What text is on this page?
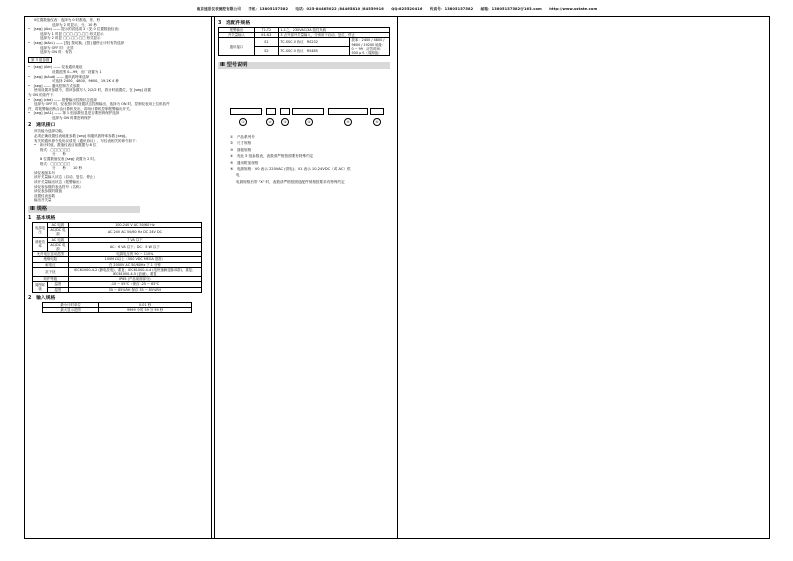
南京速思仪表测控有限公司 手机：13805157582 电话：025-84465022 /84465810 /84559916 QQ:825520416 传真号：13805157582 邮箱：13805157582@163.com http://www.sstate.com
0位置数值仪表：选择为 0 时都选，你，秒
选择为 2 时显示，分，10 秒
•　[seg] (Alo) —— 提示的试选项 2（见 0 位置数值仪表）
选择为 1 时显 □□□.□□.□□ 形式显示
选择为 2 时显 □□-□□-□□ 形式显示
•　[seg] (bAcL) —— [按] 按切换，[按] 键停止计时有效选择
选择为 OFF 时：无效
选择为 ON 时：有效
第 3 组参数
•　[seg] (Adr) —— 仪表通讯地址
设置范围 0—99，出厂设置为 1
•　[seg] (bAud) —— 通讯波特率选择
可选择 2400、4800、9600、19.2K 4 种
•　[seg] —— 通讯控制方式参数
使用设置对参数令，将该参数写入 2/2/2 时，将计时值置位，在 [seg] 设置
为 ON 的条件下：
•　[seg] (cbd) —— 报警输出控制状态选择
选择为 OFF 时，仪表按计时设置状态控制输出，选择为 ON 时，控制仪表用上位机软件
件，将报警输出断合由计算机发出，即用计算机控制报警输出开关。
•　[seg] (oA1) —— 第 1 组参数信息是否要密码保护选择
选择为 ON 时要密码保护
2　通讯接口
该功能为选择功能。
必须正确设置仪表地址参数 [seg] 和通讯波特率参数 [seg]。
有关的通讯命令及协议请见《通讯协议》，写仪表相关的命令如下：
•　读计时值，数值仪表目前数据为 8 位
格式：□□□□□□
分　　秒
8 位置数值仪表 [seg] 设置为 2 时。
格式：□□□□□□
分　　秒　　10 秒
读仪表版本号
读开关量输入状态（启动、复位、停止）
读开关量输出状态（报警输出）
读仪表参数的表达符号（名称）
读仪表参数的数值
设置仪表参数
输出开关量
Ⅲ 规格
1　基本规格
电源电压	AC 电源	100-240 V AC 50/60 Hz
	AC/DC 电源	AC 24V AC 50/60 Hz DC 24V DC
消耗功率	AC 电源	7 VA 以下
	AC/DC 电源	AC：6 VA 以下；DC：5 W 以下
允许电压变动范围		电源电压的 90 ~ 110%
绝缘电阻		100M Ω以上（500 VDC MEGA 基准）
耐电压		在 2000V AC 50/60Hz 下 1 分钟
抗干扰		IEC61000-4-2 (静电放电)，重复；IEC61000-4-4 (电快速瞬变脉冲群)，重复；IEC61000-4-5 (浪涌)，重复
防护等级		IP65 (产品前面部分)
周围环境	温度	-10 ~ 55℃（保存 -25 ~ 65℃
	湿度	35 ~ 85%RH 保存 35 ~ 85%RH
2　输入规格
最小计时单位	0.01 秒
最大显示范围	9999 小时 59 分 59 秒
3　选配件规格
报警输出	T1-T2	1-1之，230VAC/3A 阻性负载	
开关量输入	K1-K3	3 点外部开关量输入，分别用于启动、复位、停止	
通讯接口	S1	TC-SSC II 协议　RS232	波率：2400 / 4800 / 9600 / 19200 地址：0 ~ 99　应答时间：500 μ S（周期值）
	S2	TC-SSC II 协议　RS485	
Ⅲ 型号说明
–
①	②	③	④	⑤	⑥
①　产品系列号
②　尺寸规格
③　面板规格
④　有此 5 组参数表，表数请严格按照要有特殊约定
⑤　通讯附加规格
⑥　电源规格：V0 表示 220VAC (供电)；V1 表示 10-24VDC（或 AC）供
电
电源规格后带 "X" 时，表数请严格按照选配件规格按要求有特殊约定
